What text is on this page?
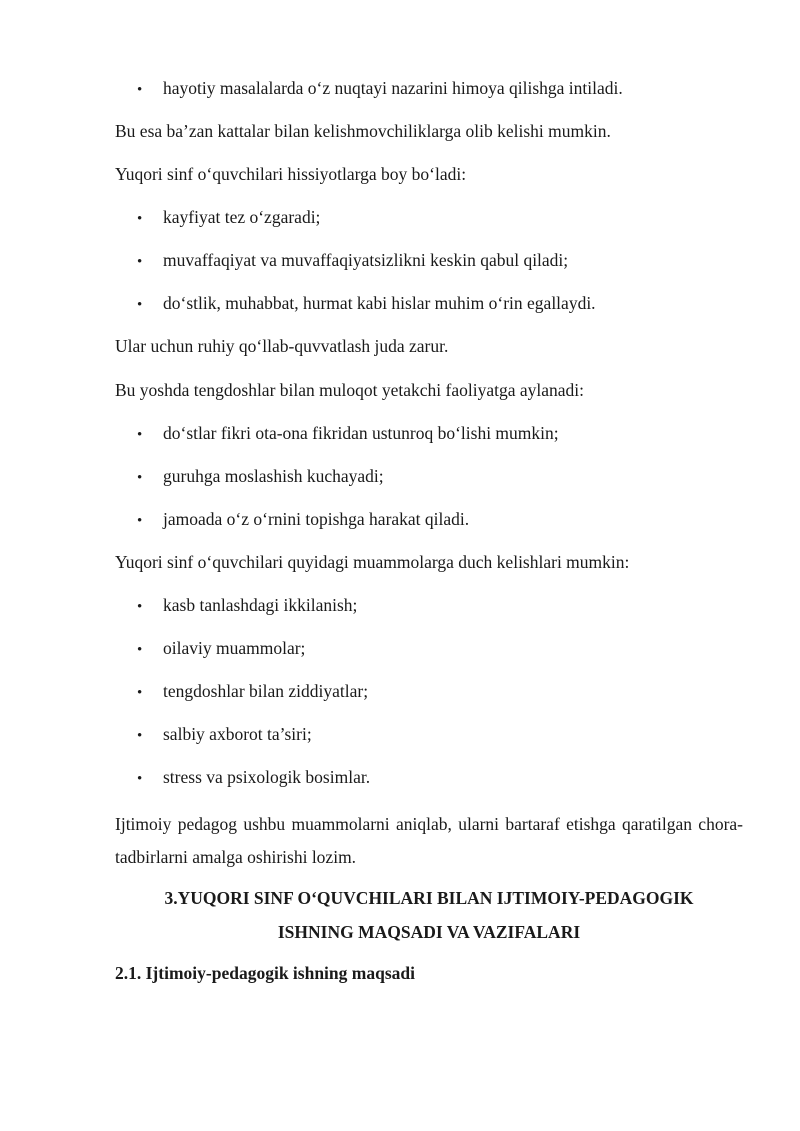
• hayotiy masalalarda o‘z nuqtayi nazarini himoya qilishga intiladi.
Bu esa ba’zan kattalar bilan kelishmovchiliklarga olib kelishi mumkin.
Yuqori sinf o‘quvchilari hissiyotlarga boy bo‘ladi:
• kayfiyat tez o‘zgaradi;
• muvaffaqiyat va muvaffaqiyatsizlikni keskin qabul qiladi;
• do‘stlik, muhabbat, hurmat kabi hislar muhim o‘rin egallaydi.
Ular uchun ruhiy qo‘llab-quvvatlash juda zarur.
Bu yoshda tengdoshlar bilan muloqot yetakchi faoliyatga aylanadi:
• do‘stlar fikri ota-ona fikridan ustunroq bo‘lishi mumkin;
• guruhga moslashish kuchayadi;
• jamoada o‘z o‘rnini topishga harakat qiladi.
Yuqori sinf o‘quvchilari quyidagi muammolarga duch kelishlari mumkin:
• kasb tanlashdagi ikkilanish;
• oilaviy muammolar;
• tengdoshlar bilan ziddiyatlar;
• salbiy axborot ta’siri;
• stress va psixologik bosimlar.
Ijtimoiy pedagog ushbu muammolarni aniqlab, ularni bartaraf etishga qaratilgan chora-tadbirlarni amalga oshirishi lozim.
3.YUQORI SINF O‘QUVCHILARI BILAN IJTIMOIY-PEDAGOGIK
ISHNING MAQSADI VA VAZIFALARI
2.1. Ijtimoiy-pedagogik ishning maqsadi
